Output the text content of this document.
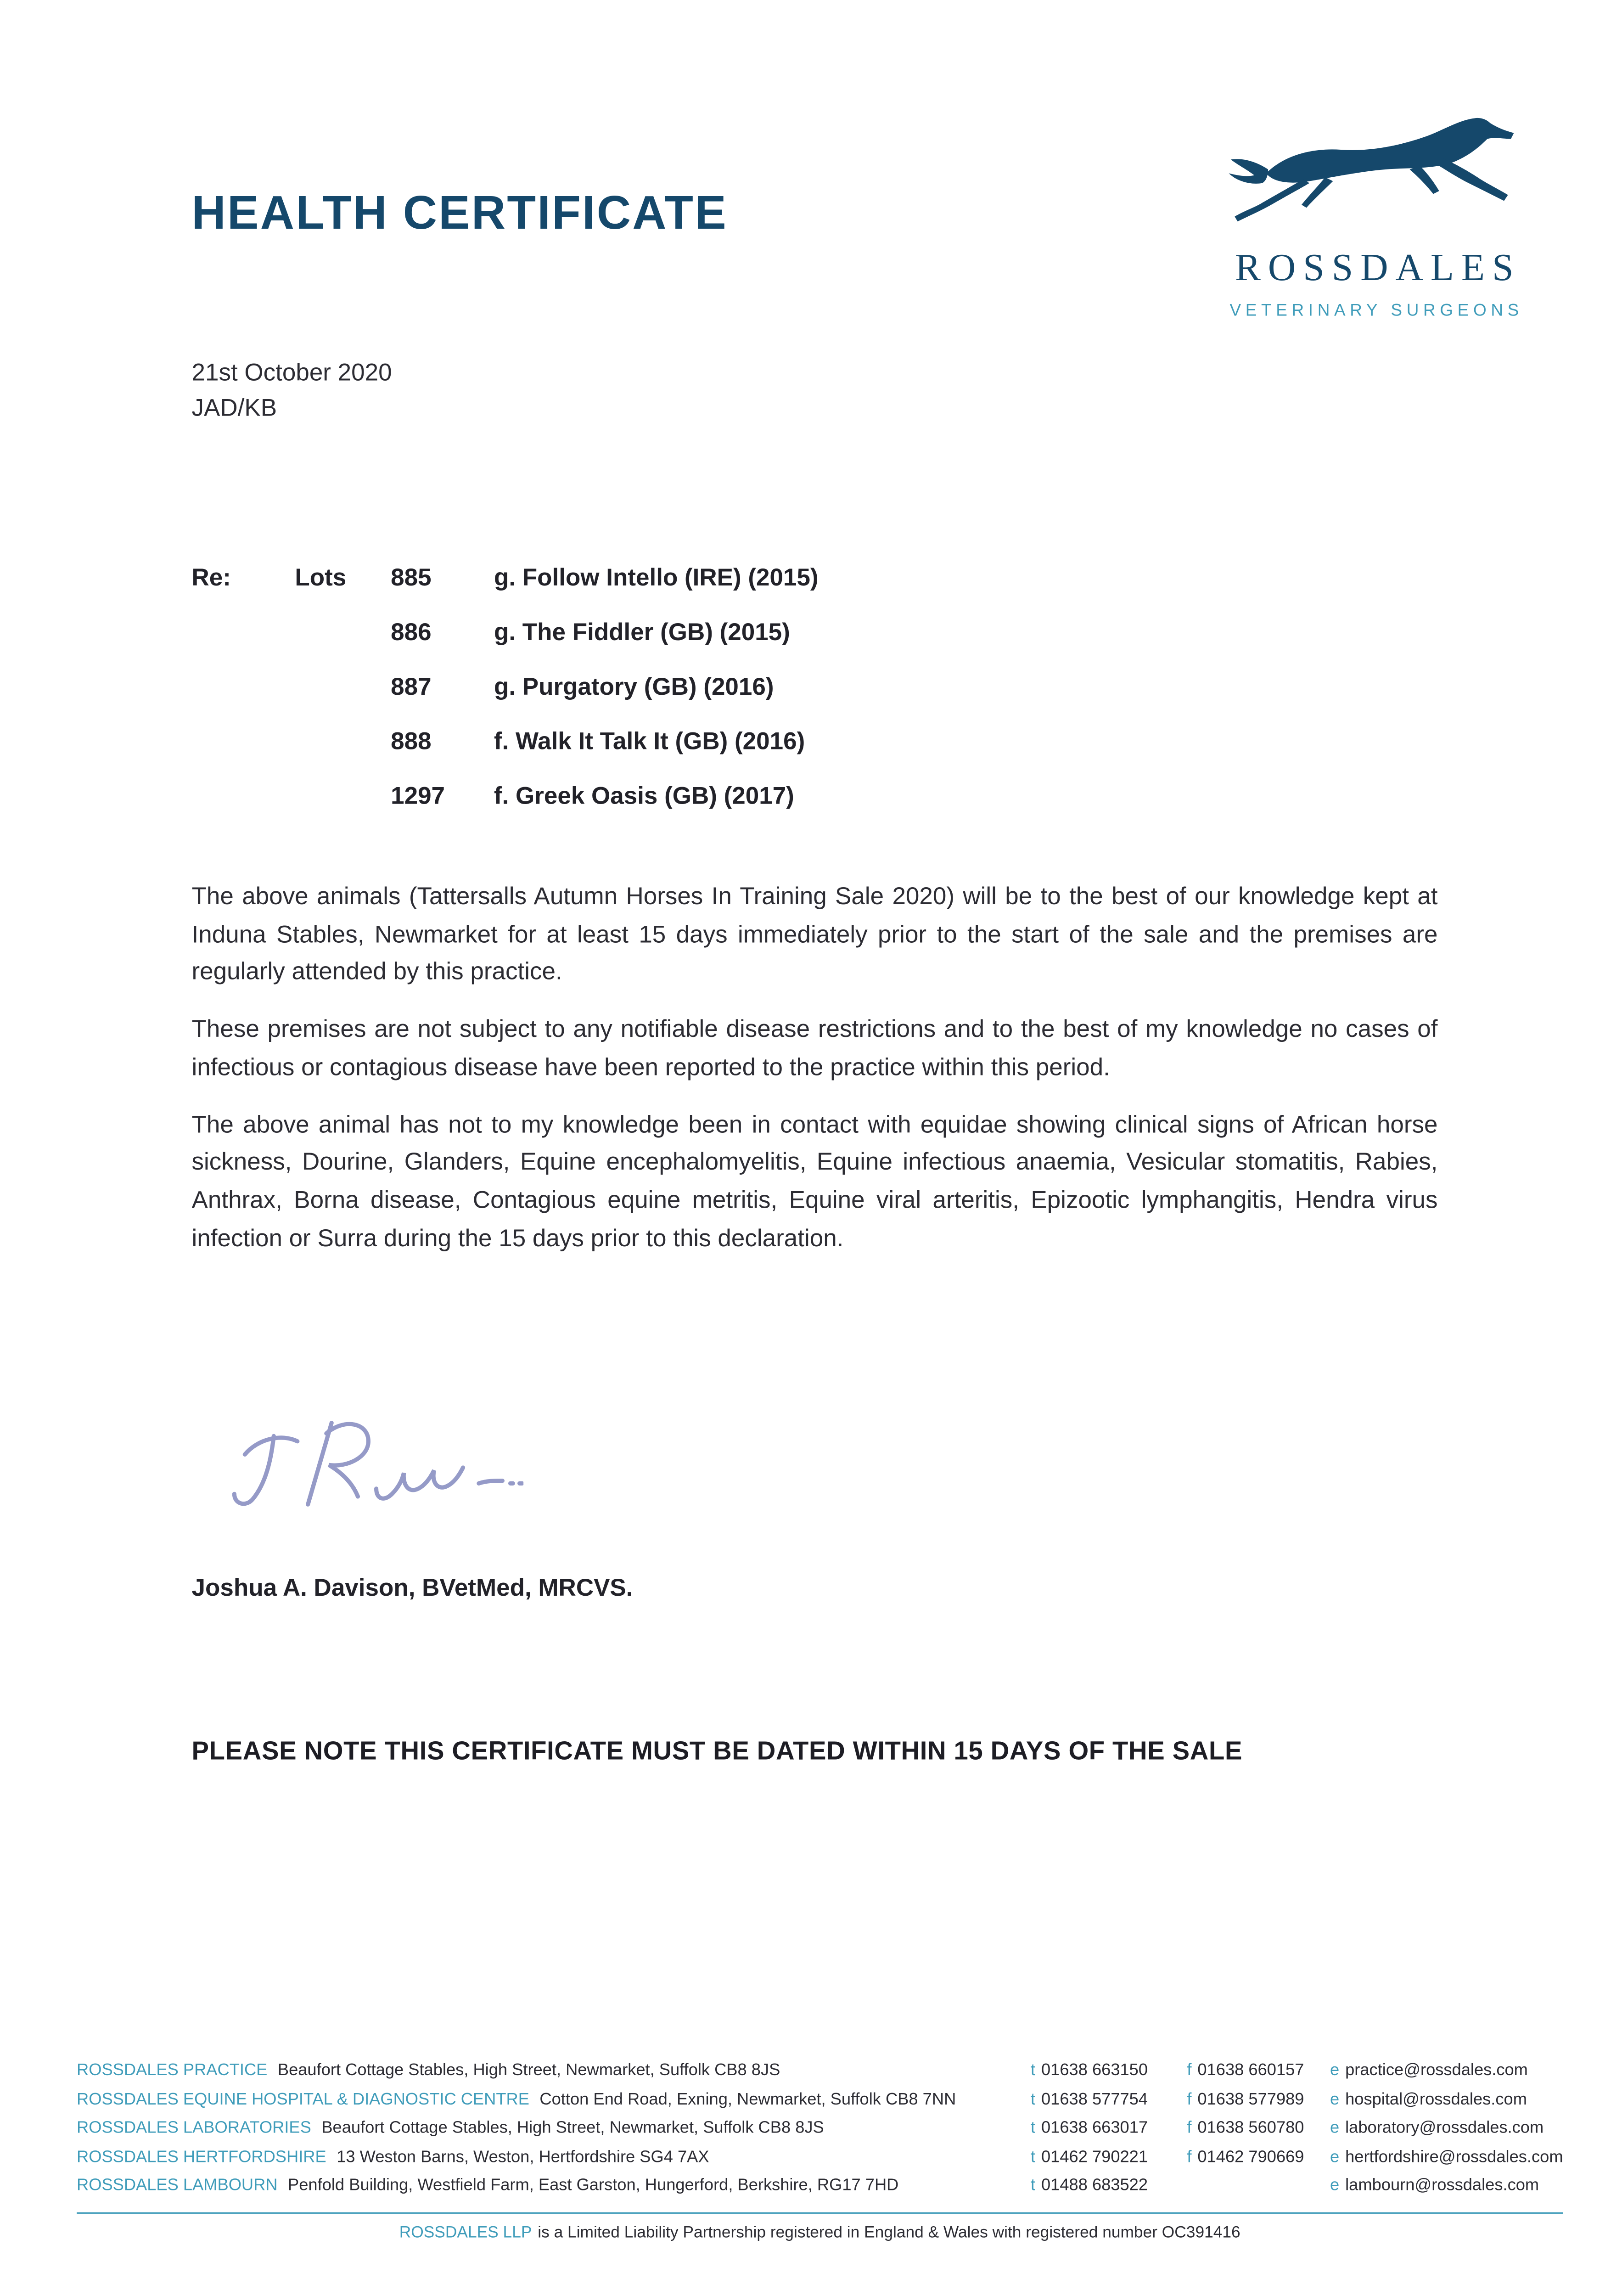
HEALTH CERTIFICATE
ROSSDALES
VETERINARY SURGEONS
21st October 2020
JAD/KB
Re:	Lots	885	g. Follow Intello (IRE) (2015)
886	g. The Fiddler (GB) (2015)
887	g. Purgatory (GB) (2016)
888	f. Walk It Talk It (GB) (2016)
1297	f. Greek Oasis (GB) (2017)

The above animals (Tattersalls Autumn Horses In Training Sale 2020) will be to the best of our knowledge kept at Induna Stables, Newmarket for at least 15 days immediately prior to the start of the sale and the premises are regularly attended by this practice.

These premises are not subject to any notifiable disease restrictions and to the best of my knowledge no cases of infectious or contagious disease have been reported to the practice within this period.

The above animal has not to my knowledge been in contact with equidae showing clinical signs of African horse sickness, Dourine, Glanders, Equine encephalomyelitis, Equine infectious anaemia, Vesicular stomatitis, Rabies, Anthrax, Borna disease, Contagious equine metritis, Equine viral arteritis, Epizootic lymphangitis, Hendra virus infection or Surra during the 15 days prior to this declaration.

Joshua A. Davison, BVetMed, MRCVS.
PLEASE NOTE THIS CERTIFICATE MUST BE DATED WITHIN 15 DAYS OF THE SALE
ROSSDALES PRACTICE Beaufort Cottage Stables, High Street, Newmarket, Suffolk CB8 8JS	t 01638 663150	f 01638 660157	e practice@rossdales.com
ROSSDALES EQUINE HOSPITAL & DIAGNOSTIC CENTRE Cotton End Road, Exning, Newmarket, Suffolk CB8 7NN	t 01638 577754	f 01638 577989	e hospital@rossdales.com
ROSSDALES LABORATORIES Beaufort Cottage Stables, High Street, Newmarket, Suffolk CB8 8JS	t 01638 663017	f 01638 560780	e laboratory@rossdales.com
ROSSDALES HERTFORDSHIRE 13 Weston Barns, Weston, Hertfordshire SG4 7AX	t 01462 790221	f 01462 790669	e hertfordshire@rossdales.com
ROSSDALES LAMBOURN Penfold Building, Westfield Farm, East Garston, Hungerford, Berkshire, RG17 7HD	t 01488 683522	e lambourn@rossdales.com
ROSSDALES LLP is a Limited Liability Partnership registered in England & Wales with registered number OC391416
